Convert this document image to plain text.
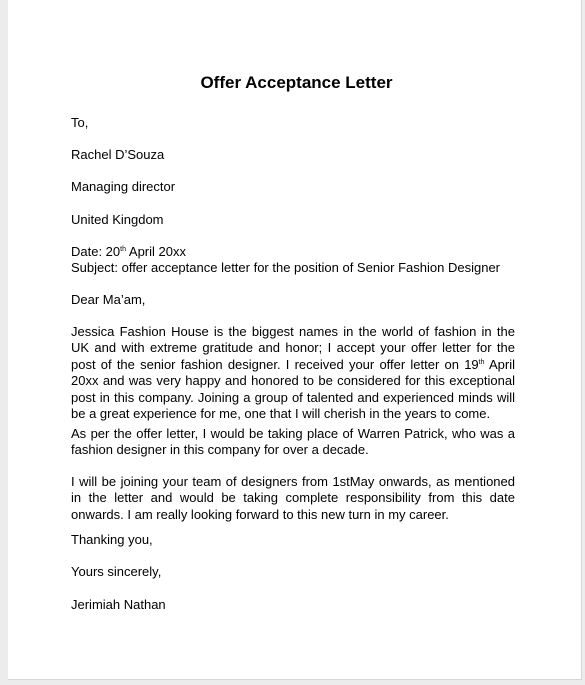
Offer Acceptance Letter
To,
Rachel D’Souza
Managing director
United Kingdom
Date: 20th April 20xx
Subject: offer acceptance letter for the position of Senior Fashion Designer
Dear Ma’am,

Jessica Fashion House is the biggest names in the world of fashion in the UK and with extreme gratitude and honor; I accept your offer letter for the post of the senior fashion designer. I received your offer letter on 19th April 20xx and was very happy and honored to be considered for this exceptional post in this company. Joining a group of talented and experienced minds will be a great experience for me, one that I will cherish in the years to come.

As per the offer letter, I would be taking place of Warren Patrick, who was a fashion designer in this company for over a decade.

I will be joining your team of designers from 1stMay onwards, as mentioned in the letter and would be taking complete responsibility from this date onwards. I am really looking forward to this new turn in my career.

Thanking you,
Yours sincerely,
Jerimiah Nathan
